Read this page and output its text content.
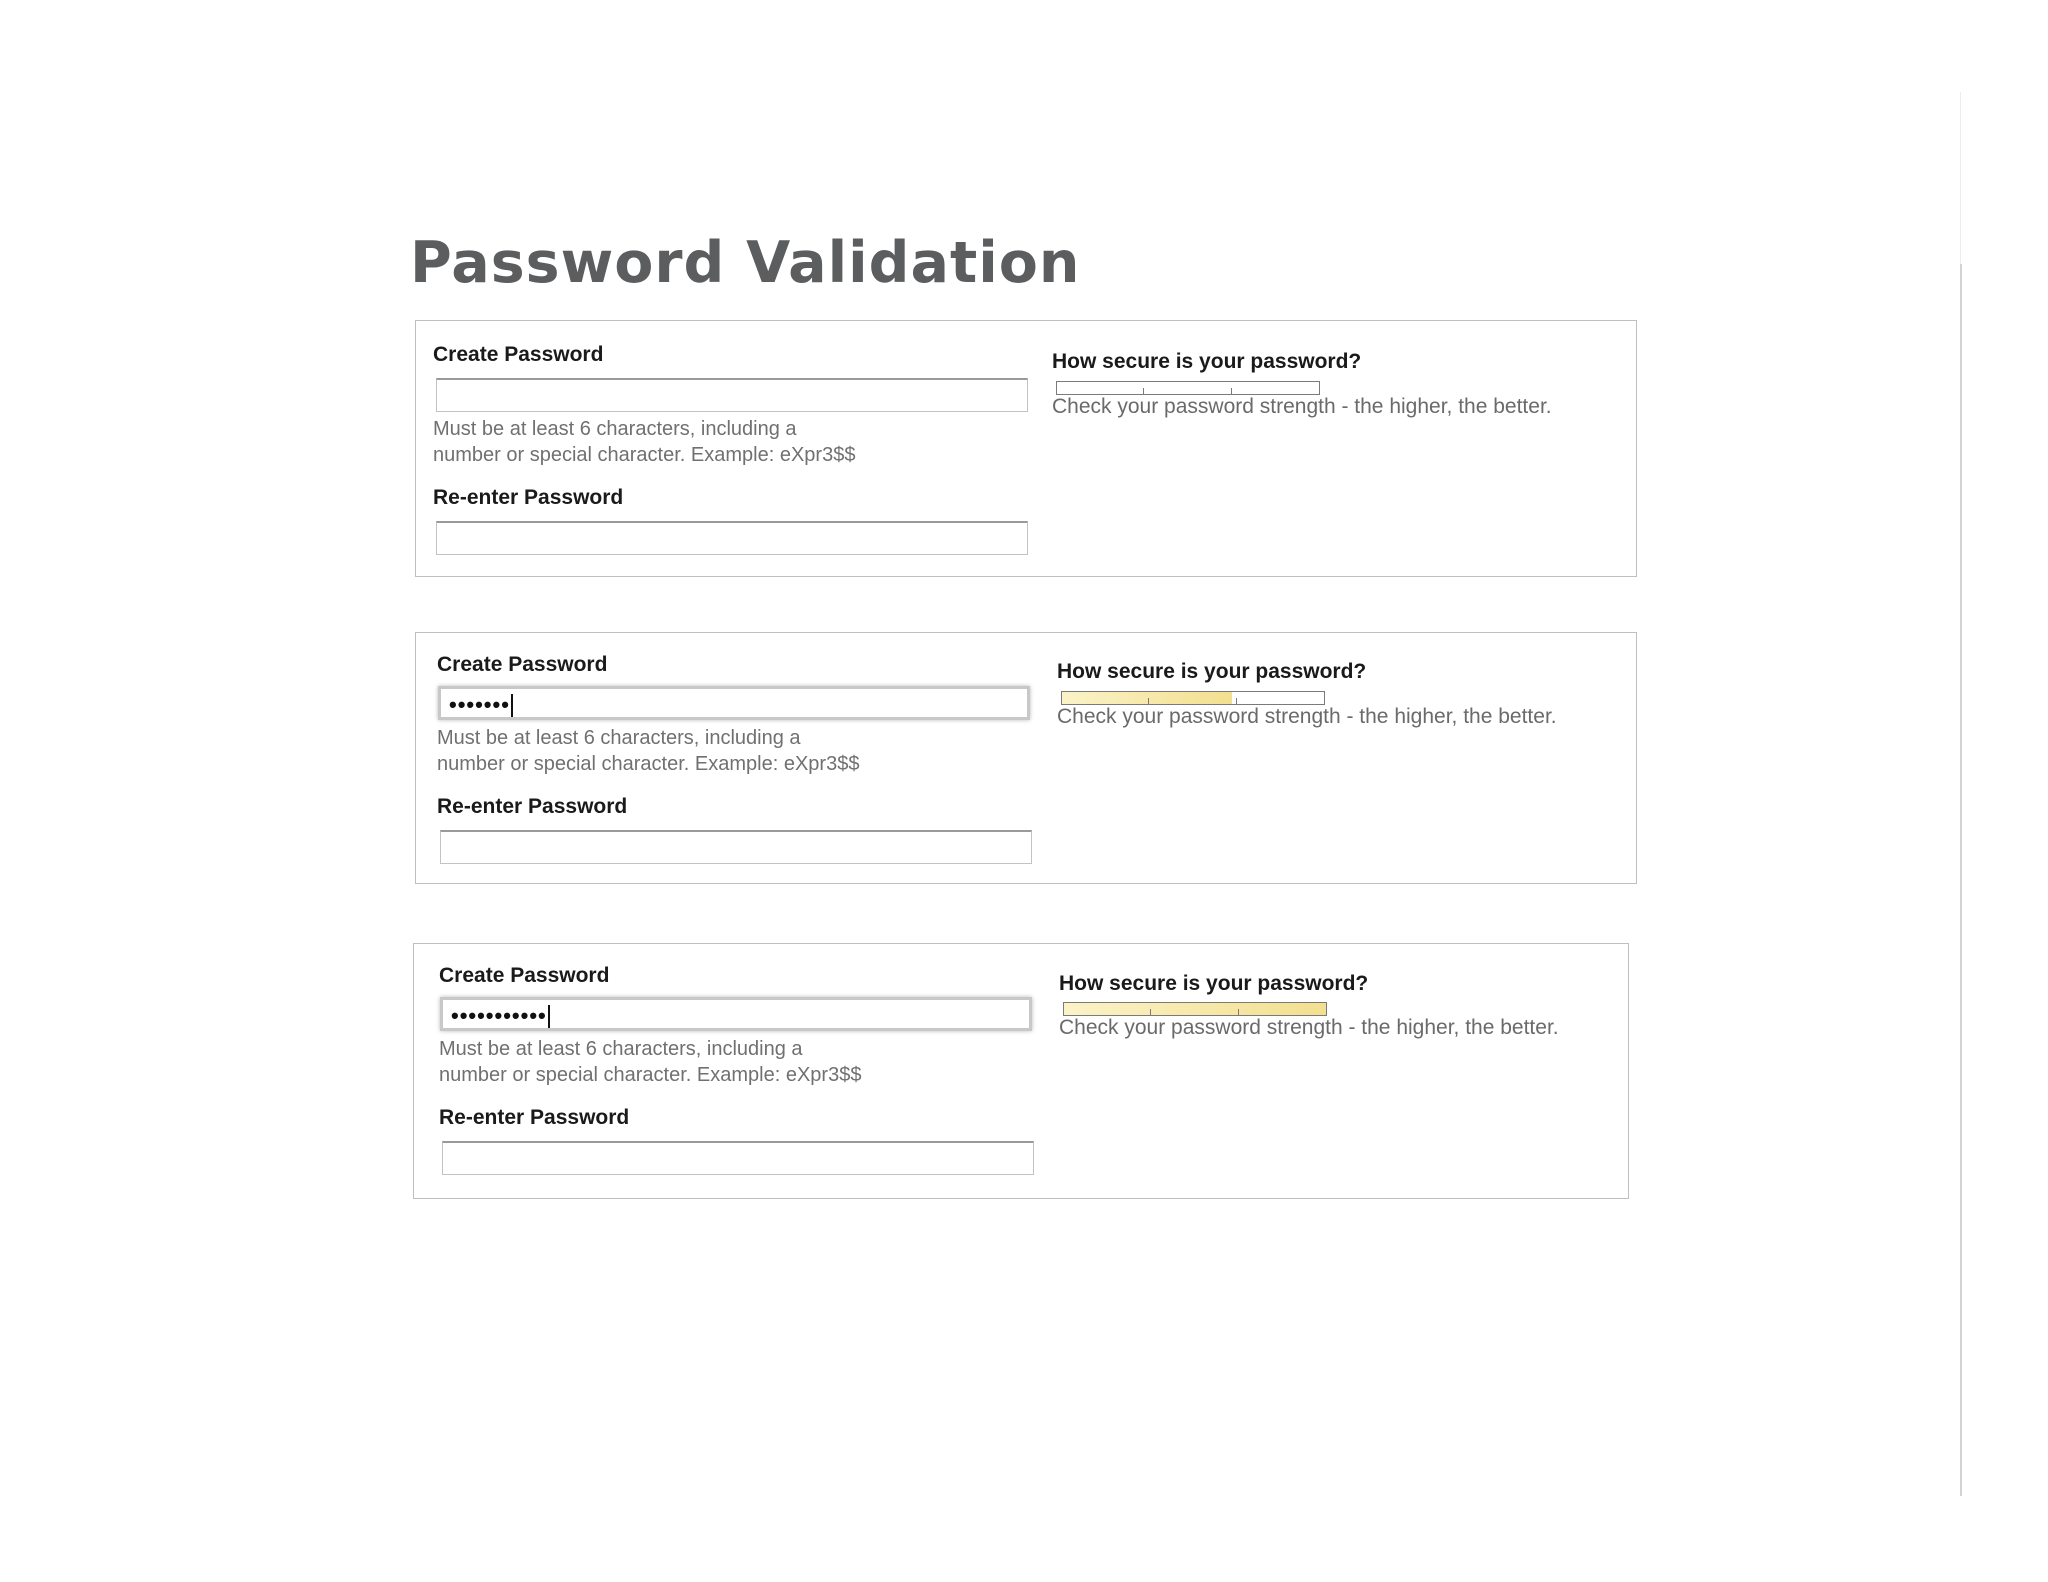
Password Validation
Create Password
Must be at least 6 characters, including a
number or special character. Example: eXpr3$$
Re-enter Password
How secure is your password?
Check your password strength - the higher, the better.
Create Password
•••••••
Must be at least 6 characters, including a
number or special character. Example: eXpr3$$
Re-enter Password
How secure is your password?
Check your password strength - the higher, the better.
Create Password
•••••••••••
Must be at least 6 characters, including a
number or special character. Example: eXpr3$$
Re-enter Password
How secure is your password?
Check your password strength - the higher, the better.
